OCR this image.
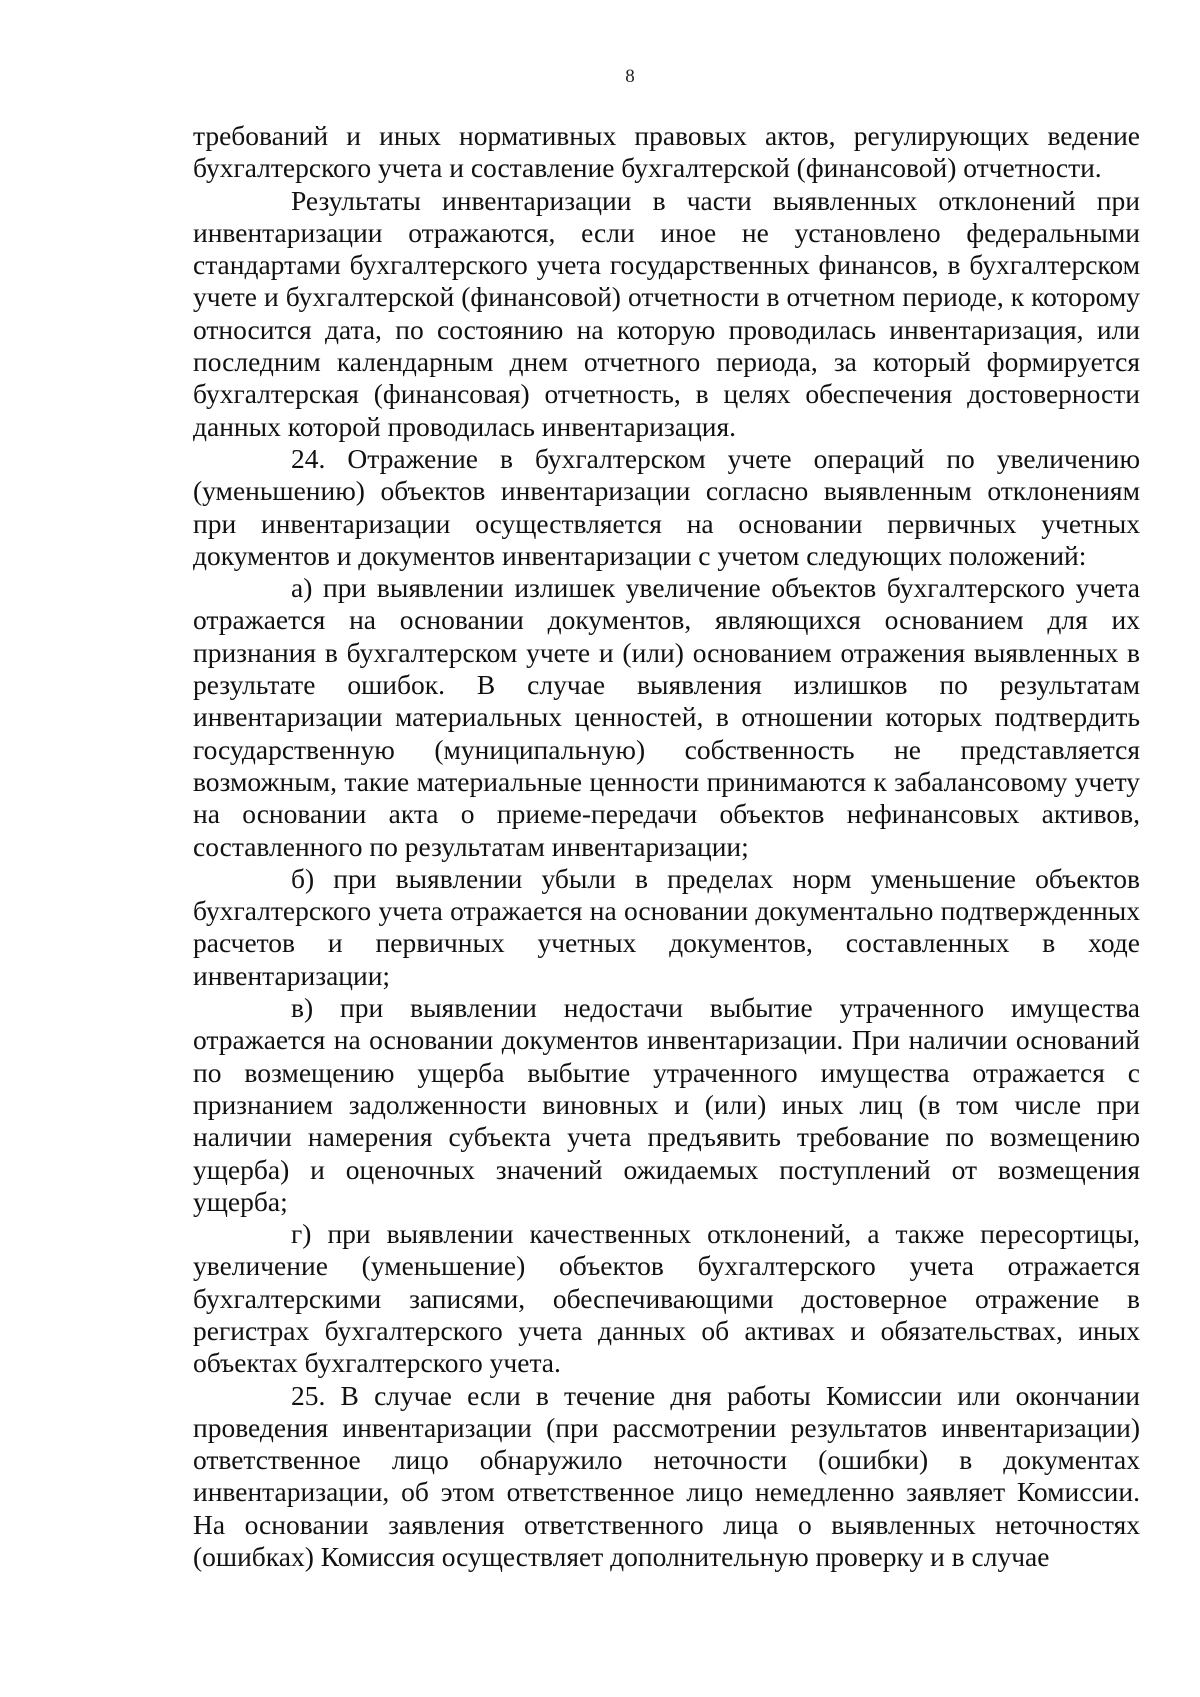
8

требований и иных нормативных правовых актов, регулирующих ведение бухгалтерского учета и составление бухгалтерской (финансовой) отчетности.

Результаты инвентаризации в части выявленных отклонений при инвентаризации отражаются, если иное не установлено федеральными стандартами бухгалтерского учета государственных финансов, в бухгалтерском учете и бухгалтерской (финансовой) отчетности в отчетном периоде, к которому относится дата, по состоянию на которую проводилась инвентаризация, или последним календарным днем отчетного периода, за который формируется бухгалтерская (финансовая) отчетность, в целях обеспечения достоверности данных которой проводилась инвентаризация.

24. Отражение в бухгалтерском учете операций по увеличению (уменьшению) объектов инвентаризации согласно выявленным отклонениям при инвентаризации осуществляется на основании первичных учетных документов и документов инвентаризации с учетом следующих положений:

а) при выявлении излишек увеличение объектов бухгалтерского учета отражается на основании документов, являющихся основанием для их признания в бухгалтерском учете и (или) основанием отражения выявленных в результате ошибок. В случае выявления излишков по результатам инвентаризации материальных ценностей, в отношении которых подтвердить государственную (муниципальную) собственность не представляется возможным, такие материальные ценности принимаются к забалансовому учету на основании акта о приеме-передачи объектов нефинансовых активов, составленного по результатам инвентаризации;

б) при выявлении убыли в пределах норм уменьшение объектов бухгалтерского учета отражается на основании документально подтвержденных расчетов и первичных учетных документов, составленных в ходе инвентаризации;

в) при выявлении недостачи выбытие утраченного имущества отражается на основании документов инвентаризации. При наличии оснований по возмещению ущерба выбытие утраченного имущества отражается с признанием задолженности виновных и (или) иных лиц (в том числе при наличии намерения субъекта учета предъявить требование по возмещению ущерба) и оценочных значений ожидаемых поступлений от возмещения ущерба;

г) при выявлении качественных отклонений, а также пересортицы, увеличение (уменьшение) объектов бухгалтерского учета отражается бухгалтерскими записями, обеспечивающими достоверное отражение в регистрах бухгалтерского учета данных об активах и обязательствах, иных объектах бухгалтерского учета.

25. В случае если в течение дня работы Комиссии или окончании проведения инвентаризации (при рассмотрении результатов инвентаризации) ответственное лицо обнаружило неточности (ошибки) в документах инвентаризации, об этом ответственное лицо немедленно заявляет Комиссии. На основании заявления ответственного лица о выявленных неточностях (ошибках) Комиссия осуществляет дополнительную проверку и в случае
